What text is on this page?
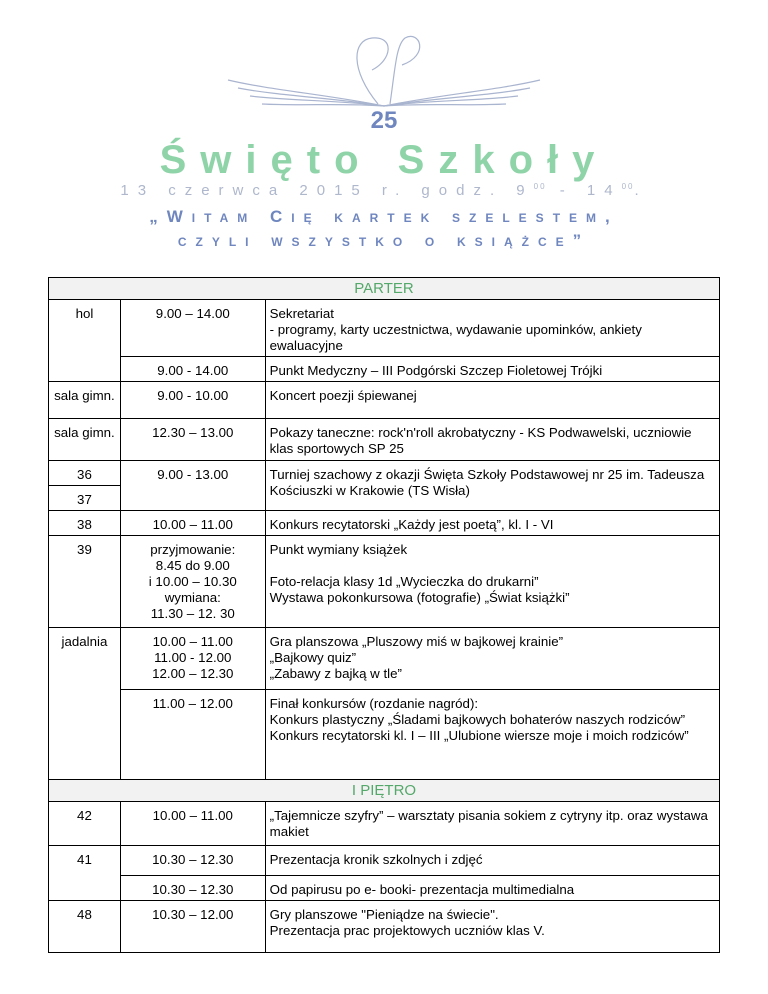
25
Święto Szkoły
13 czerwca 2015 r. godz. $9^{00} - 14^{00}$.
„Witam Cię kartek szelestem,
czyli wszystko o książce”
PARTER		
hol	9.00 – 14.00	Sekretariat
- programy, karty uczestnictwa, wydawanie upominków, ankiety ewaluacyjne

	9.00 - 14.00	Punkt Medyczny – III Podgórski Szczep Fioletowej Trójki
sala gimn.	9.00 - 10.00	Koncert poezji śpiewanej
sala gimn.	12.30 – 13.00	Pokazy taneczne: rock'n'roll akrobatyczny - KS Podwawelski, uczniowie klas sportowych SP 25
36	9.00 - 13.00	Turniej szachowy z okazji Święta Szkoły Podstawowej nr 25 im. Tadeusza Kościuszki w Krakowie (TS Wisła)
37		
38	10.00 – 11.00	Konkurs recytatorski „Każdy jest poetą”, kl. I - VI
39	przyjmowanie:
8.45 do 9.00
i 10.00 – 10.30
wymiana:
11.30 – 12. 30	Punkt wymiany książek

Foto-relacja klasy 1d „Wycieczka do drukarni”
Wystawa pokonkursowa (fotografie) „Świat książki”

jadalnia	10.00 – 11.00
11.00 - 12.00
12.00 – 12.30	Gra planszowa „Pluszowy miś w bajkowej krainie”
„Bajkowy quiz”
„Zabawy z bajką w tle”

	11.00 – 12.00	Finał konkursów (rozdanie nagród):
Konkurs plastyczny „Śladami bajkowych bohaterów naszych rodziców”
Konkurs recytatorski kl. I – III „Ulubione wiersze moje i moich rodziców”

I PIĘTRO		
42	10.00 – 11.00	„Tajemnicze szyfry” – warsztaty pisania sokiem z cytryny itp. oraz wystawa makiet
41	10.30 – 12.30	Prezentacja kronik szkolnych i zdjęć
	10.30 – 12.30	Od papirusu po e- booki- prezentacja multimedialna
48	10.30 – 12.00	Gry planszowe "Pieniądze na świecie".
Prezentacja prac projektowych uczniów klas V.
